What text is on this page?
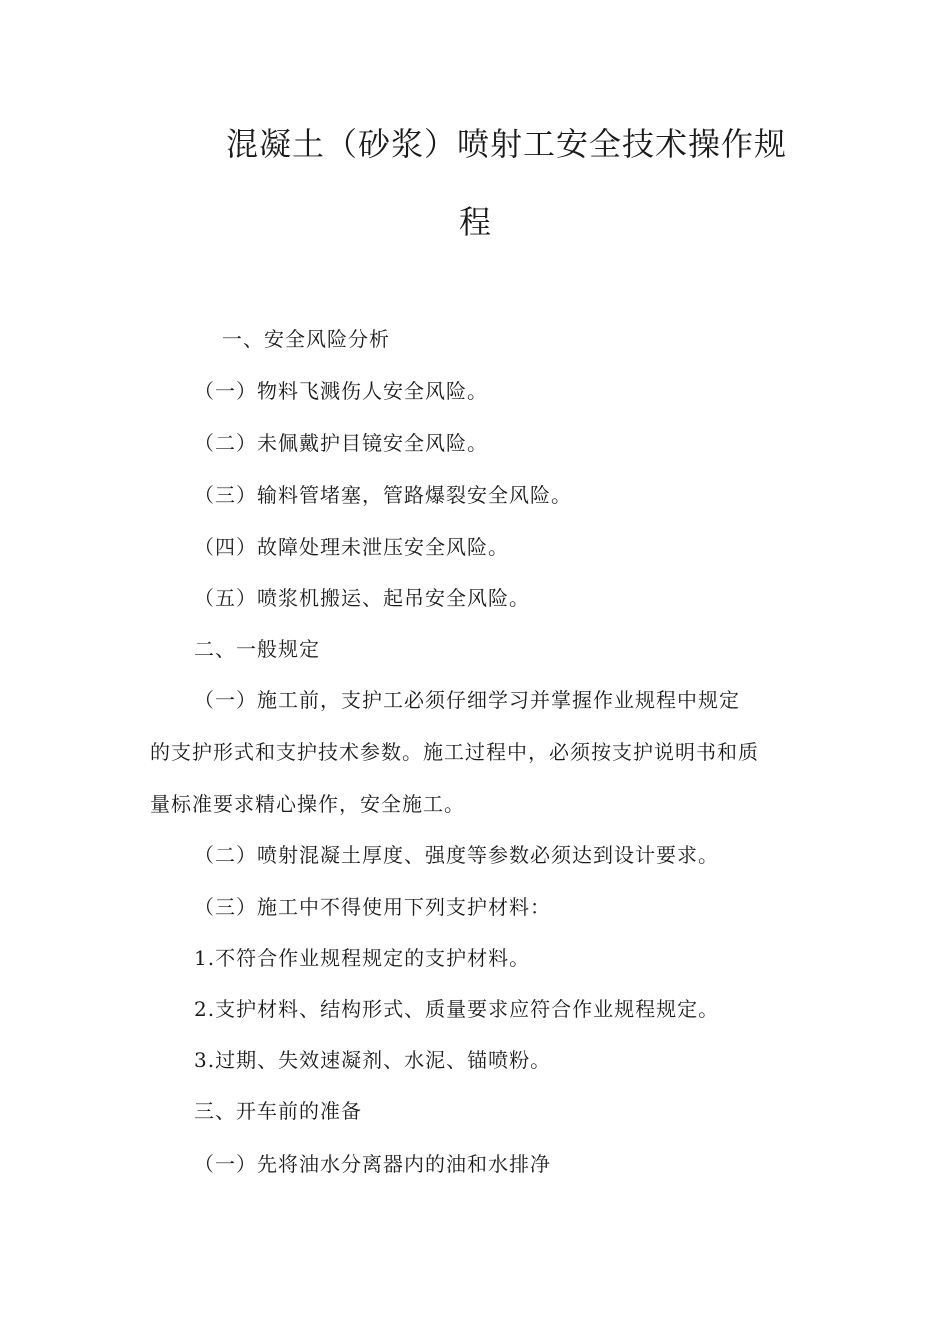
混凝土（砂浆）喷射工安全技术操作规
程
一、安全风险分析
（一）物料飞溅伤人安全风险。
（二）未佩戴护目镜安全风险。
（三）输料管堵塞，管路爆裂安全风险。
（四）故障处理未泄压安全风险。
（五）喷浆机搬运、起吊安全风险。
二、一般规定
（一）施工前，支护工必须仔细学习并掌握作业规程中规定
的支护形式和支护技术参数。施工过程中，必须按支护说明书和质
量标准要求精心操作，安全施工。
（二）喷射混凝土厚度、强度等参数必须达到设计要求。
（三）施工中不得使用下列支护材料：
1.不符合作业规程规定的支护材料。
2.支护材料、结构形式、质量要求应符合作业规程规定。
3.过期、失效速凝剂、水泥、锚喷粉。
三、开车前的准备
（一）先将油水分离器内的油和水排净
